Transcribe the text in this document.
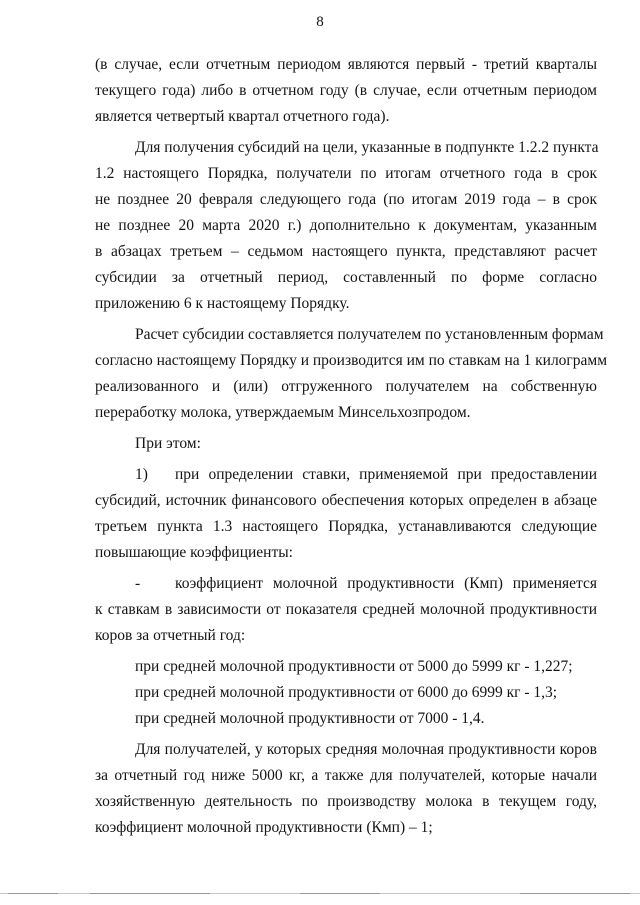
8
(в случае, если отчетным периодом являются первый - третий кварталы
текущего года) либо в отчетном году (в случае, если отчетным периодом
является четвертый квартал отчетного года).
Для получения субсидий на цели, указанные в подпункте 1.2.2 пункта
1.2 настоящего Порядка, получатели по итогам отчетного года в срок
не позднее 20 февраля следующего года (по итогам 2019 года – в срок
не позднее 20 марта 2020 г.) дополнительно к документам, указанным
в абзацах третьем – седьмом настоящего пункта, представляют расчет
субсидии за отчетный период, составленный по форме согласно
приложению 6 к настоящему Порядку.
Расчет субсидии составляется получателем по установленным формам
согласно настоящему Порядку и производится им по ставкам на 1 килограмм
реализованного и (или) отгруженного получателем на собственную
переработку молока, утверждаемым Минсельхозпродом.
При этом:
1)	при определении ставки, применяемой при предоставлении
субсидий, источник финансового обеспечения которых определен в абзаце
третьем пункта 1.3 настоящего Порядка, устанавливаются следующие
повышающие коэффициенты:
-	коэффициент молочной продуктивности (Кмп) применяется
к ставкам в зависимости от показателя средней молочной продуктивности
коров за отчетный год:
при средней молочной продуктивности от 5000 до 5999 кг - 1,227;
при средней молочной продуктивности от 6000 до 6999 кг - 1,3;
при средней молочной продуктивности от 7000 - 1,4.
Для получателей, у которых средняя молочная продуктивности коров
за отчетный год ниже 5000 кг, а также для получателей, которые начали
хозяйственную деятельность по производству молока в текущем году,
коэффициент молочной продуктивности (Кмп) – 1;
